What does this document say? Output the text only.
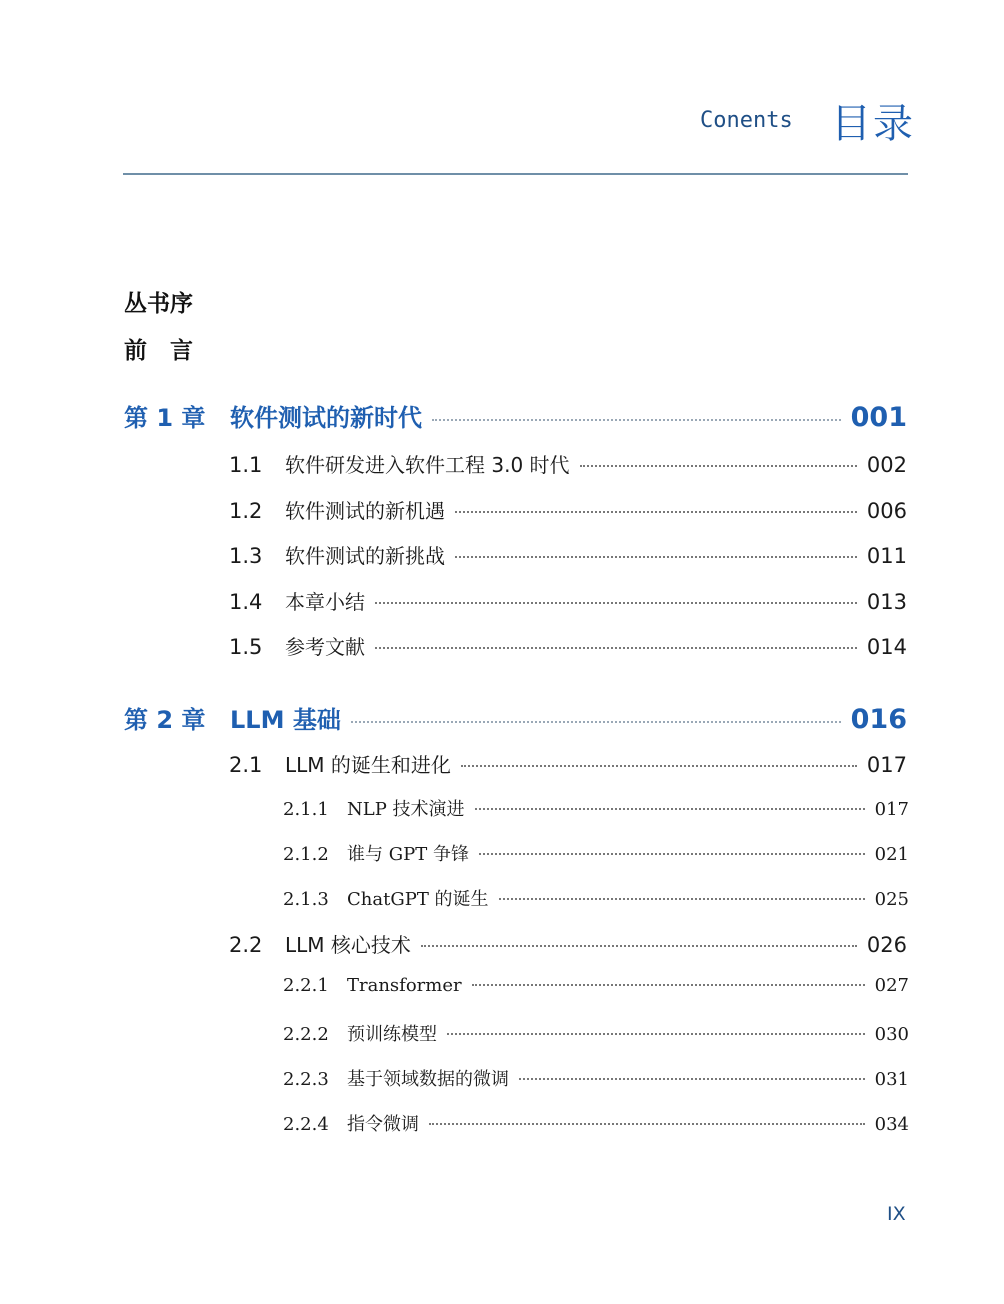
Conents 目录
丛书序
前　言
第 1 章	软件测试的新时代	001
1.1	软件研发进入软件工程 3.0 时代	002
1.2	软件测试的新机遇	006
1.3	软件测试的新挑战	011
1.4	本章小结	013
1.5	参考文献	014
第 2 章	LLM 基础	016
2.1	LLM 的诞生和进化	017
2.1.1	NLP 技术演进	017
2.1.2	谁与 GPT 争锋	021
2.1.3	ChatGPT 的诞生	025
2.2	LLM 核心技术	026
2.2.1	Transformer	027
2.2.2	预训练模型	030
2.2.3	基于领域数据的微调	031
2.2.4	指令微调	034
IX
